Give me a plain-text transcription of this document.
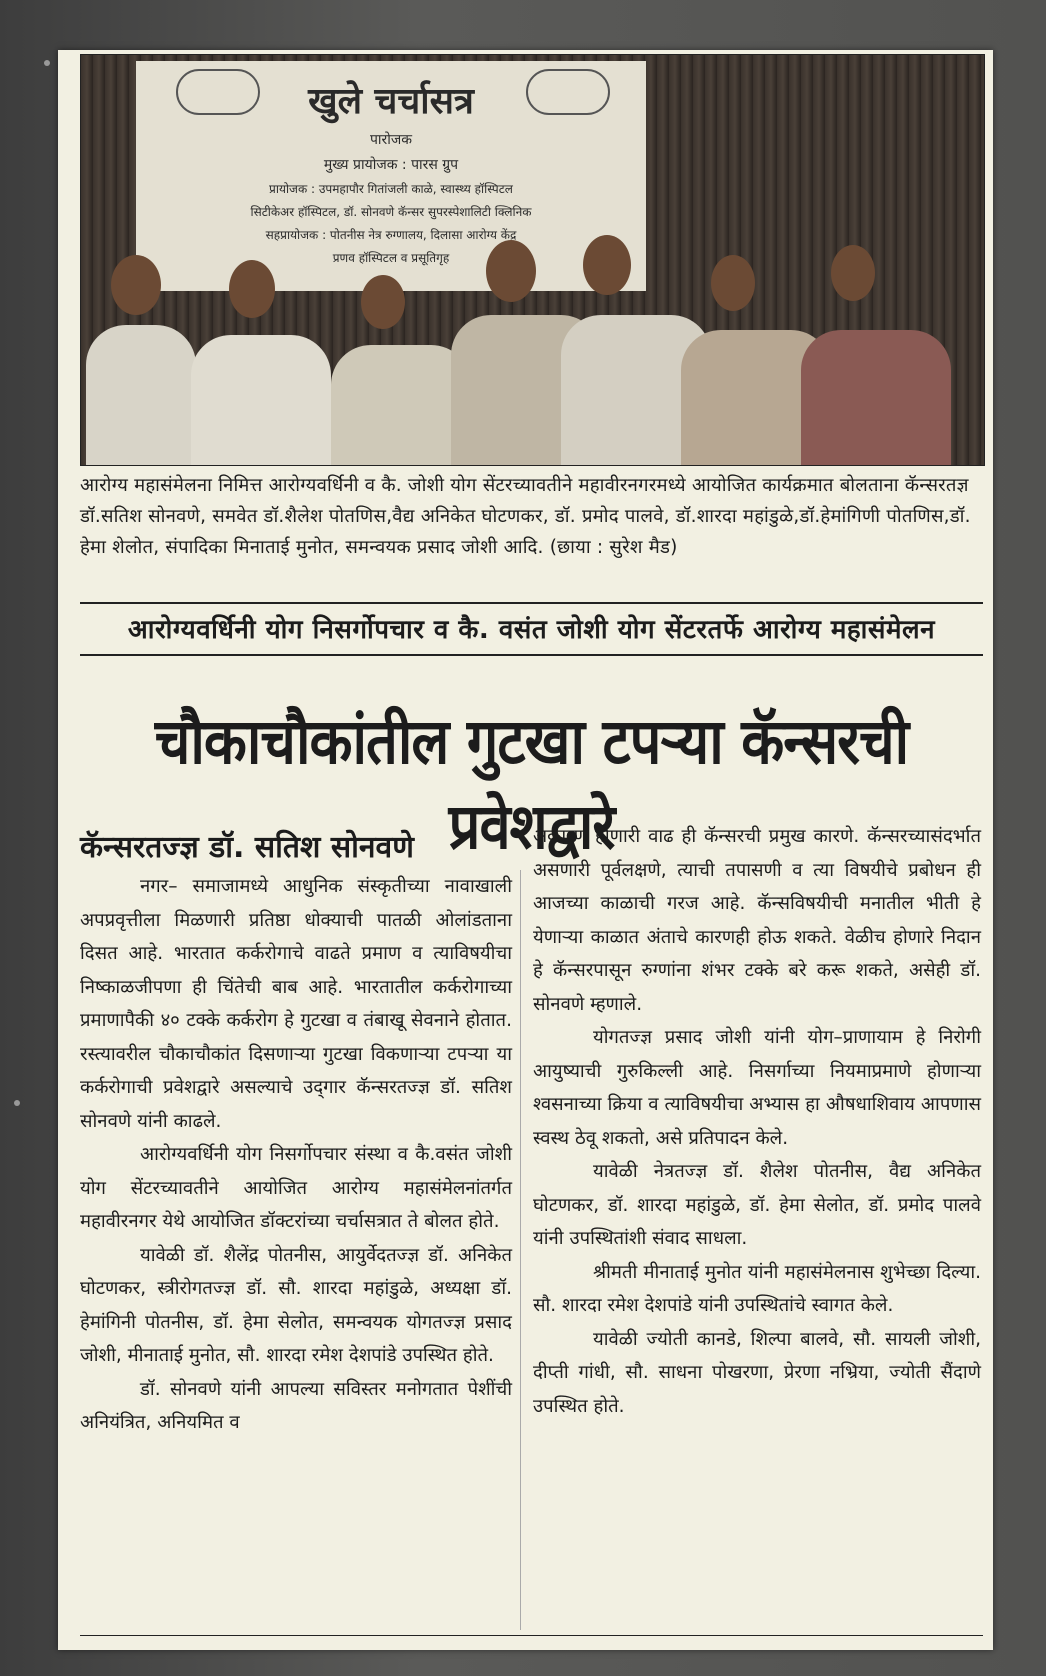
खुले चर्चासत्र
पारोजक
मुख्य प्रायोजक : पारस ग्रुप
प्रायोजक : उपमहापौर गितांजली काळे, स्वास्थ्य हॉस्पिटल
सिटीकेअर हॉस्पिटल, डॉ. सोनवणे कॅन्सर सुपरस्पेशालिटी क्लिनिक
सहप्रायोजक : पोतनीस नेत्र रुग्णालय, दिलासा आरोग्य केंद्र
प्रणव हॉस्पिटल व प्रसूतिगृह
आरोग्य महासंमेलना निमित्त आरोग्यवर्धिनी व कै. जोशी योग सेंटरच्यावतीने महावीरनगरमध्ये आयोजित कार्यक्रमात बोलताना कॅन्सरतज्ञ डॉ.सतिश सोनवणे, समवेत डॉ.शैलेश पोतणिस,वैद्य अनिकेत घोटणकर, डॉ. प्रमोद पालवे, डॉ.शारदा महांडुळे,डॉ.हेमांगिणी पोतणिस,डॉ. हेमा शेलोत, संपादिका मिनाताई मुनोत, समन्वयक प्रसाद जोशी आदि. (छाया : सुरेश मैड)
आरोग्यवर्धिनी योग निसर्गोपचार व कै. वसंत जोशी योग सेंटरतर्फे आरोग्य महासंमेलन
चौकाचौकांतील गुटखा टपऱ्या कॅन्सरची प्रवेशद्वारे
कॅन्सरतज्ज्ञ डॉ. सतिश सोनवणे

नगर– समाजामध्ये आधुनिक संस्कृतीच्या नावाखाली अपप्रवृत्तीला मिळणारी प्रतिष्ठा धोक्याची पातळी ओलांडताना दिसत आहे. भारतात कर्करोगाचे वाढते प्रमाण व त्याविषयीचा निष्काळजीपणा ही चिंतेची बाब आहे. भारतातील कर्करोगाच्या प्रमाणापैकी ४० टक्के कर्करोग हे गुटखा व तंबाखू सेवनाने होतात. रस्त्यावरील चौकाचौकांत दिसणाऱ्या गुटखा विकणाऱ्या टपऱ्या या कर्करोगाची प्रवेशद्वारे असल्याचे उद्‌गार कॅन्सरतज्ज्ञ डॉ. सतिश सोनवणे यांनी काढले.

आरोग्यवर्धिनी योग निसर्गोपचार संस्था व कै.वसंत जोशी योग सेंटरच्यावतीने आयोजित आरोग्य महासंमेलनांतर्गत महावीरनगर येथे आयोजित डॉक्टरांच्या चर्चासत्रात ते बोलत होते.

यावेळी डॉ. शैलेंद्र पोतनीस, आयुर्वेदतज्ज्ञ डॉ. अनिकेत घोटणकर, स्त्रीरोगतज्ज्ञ डॉ. सौ. शारदा महांडुळे, अध्यक्षा डॉ. हेमांगिनी पोतनीस, डॉ. हेमा सेलोत, समन्वयक योगतज्ज्ञ प्रसाद जोशी, मीनाताई मुनोत, सौ. शारदा रमेश देशपांडे उपस्थित होते.

डॉ. सोनवणे यांनी आपल्या सविस्तर मनोगतात पेशींची अनियंत्रित, अनियमित व

अकारण होणारी वाढ ही कॅन्सरची प्रमुख कारणे. कॅन्सरच्यासंदर्भात असणारी पूर्वलक्षणे, त्याची तपासणी व त्या विषयीचे प्रबोधन ही आजच्या काळाची गरज आहे. कॅन्सविषयीची मनातील भीती हे येणाऱ्या काळात अंताचे कारणही होऊ शकते. वेळीच होणारे निदान हे कॅन्सरपासून रुग्णांना शंभर टक्के बरे करू शकते, असेही डॉ. सोनवणे म्हणाले.

योगतज्ज्ञ प्रसाद जोशी यांनी योग–प्राणायाम हे निरोगी आयुष्याची गुरुकिल्ली आहे. निसर्गाच्या नियमाप्रमाणे होणाऱ्या श्वसनाच्या क्रिया व त्याविषयीचा अभ्यास हा औषधाशिवाय आपणास स्वस्थ ठेवू शकतो, असे प्रतिपादन केले.

यावेळी नेत्रतज्ज्ञ डॉ. शैलेश पोतनीस, वैद्य अनिकेत घोटणकर, डॉ. शारदा महांडुळे, डॉ. हेमा सेलोत, डॉ. प्रमोद पालवे यांनी उपस्थितांशी संवाद साधला.

श्रीमती मीनाताई मुनोत यांनी महासंमेलनास शुभेच्छा दिल्या. सौ. शारदा रमेश देशपांडे यांनी उपस्थितांचे स्वागत केले.

यावेळी ज्योती कानडे, शिल्पा बालवे, सौ. सायली जोशी, दीप्ती गांधी, सौ. साधना पोखरणा, प्रेरणा नभ्रिया, ज्योती सैंदाणे उपस्थित होते.
